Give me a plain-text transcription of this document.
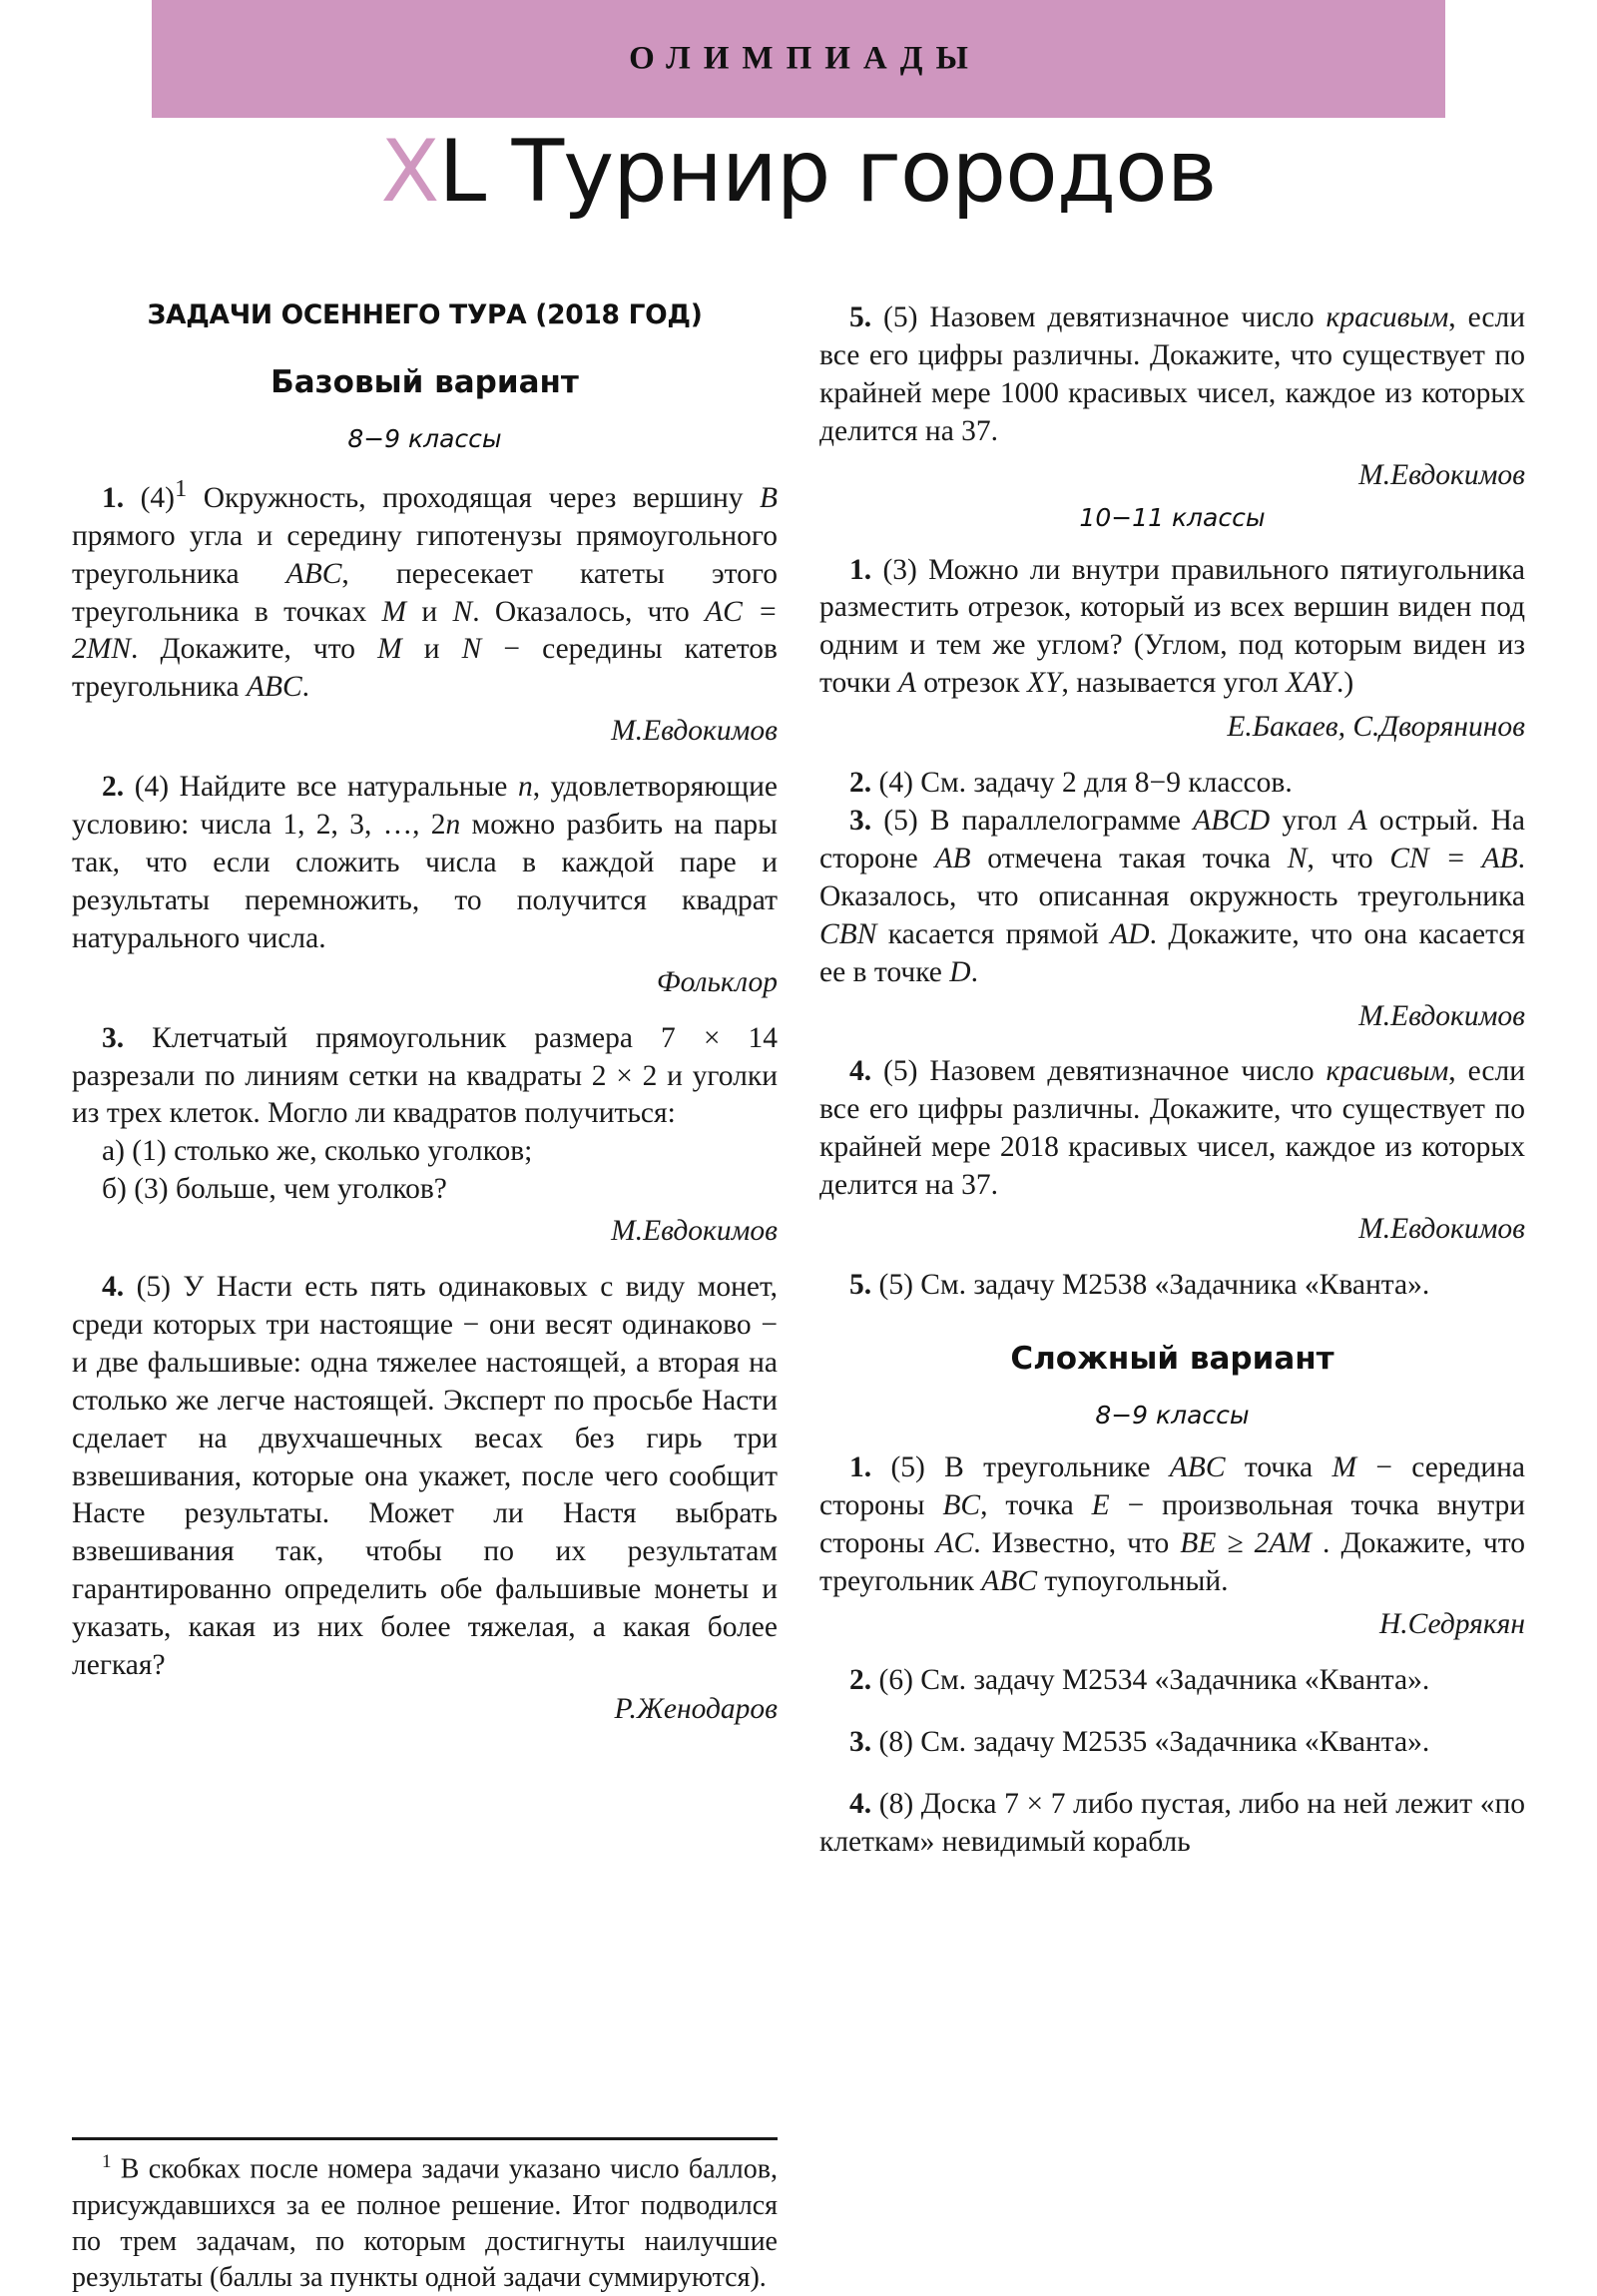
ОЛИМПИАДЫ
XL Турнир городов
ЗАДАЧИ ОСЕННЕГО ТУРА (2018 ГОД)
Базовый вариант
8−9 классы

1. $(4)^1$ Окружность, проходящая через вершину B прямого угла и середину гипотенузы прямоугольного треугольника ABC, пересекает катеты этого треугольника в точках M и N. Оказалось, что AC = 2MN. Докажите, что M и N − середины катетов треугольника ABC.

М.Евдокимов

2. (4) Найдите все натуральные n, удовлетворяющие условию: числа 1, 2, 3, …, 2n можно разбить на пары так, что если сложить числа в каждой паре и результаты перемножить, то получится квадрат натурального числа.

Фольклор

3. Клетчатый прямоугольник размера 7 × 14 разрезали по линиям сетки на квадраты 2 × 2 и уголки из трех клеток. Могло ли квадратов получиться:

а) (1) столько же, сколько уголков;

б) (3) больше, чем уголков?

М.Евдокимов

4. (5) У Насти есть пять одинаковых с виду монет, среди которых три настоящие − они весят одинаково − и две фальшивые: одна тяжелее настоящей, а вторая на столько же легче настоящей. Эксперт по просьбе Насти сделает на двухчашечных весах без гирь три взвешивания, которые она укажет, после чего сообщит Насте результаты. Может ли Настя выбрать взвешивания так, чтобы по их результатам гарантированно определить обе фальшивые монеты и указать, какая из них более тяжелая, а какая более легкая?

Р.Женодаров

$^1$ В скобках после номера задачи указано число баллов, присуждавшихся за ее полное решение. Итог подводился по трем задачам, по которым достигнуты наилучшие результаты (баллы за пункты одной задачи суммируются).

5. (5) Назовем девятизначное число красивым, если все его цифры различны. Докажите, что существует по крайней мере 1000 красивых чисел, каждое из которых делится на 37.

М.Евдокимов

10−11 классы

1. (3) Можно ли внутри правильного пятиугольника разместить отрезок, который из всех вершин виден под одним и тем же углом? (Углом, под которым виден из точки A отрезок XY, называется угол XAY.)

Е.Бакаев, С.Дворянинов

2. (4) См. задачу 2 для 8−9 классов.

3. (5) В параллелограмме ABCD угол A острый. На стороне AB отмечена такая точка N, что CN = AB. Оказалось, что описанная окружность треугольника CBN касается прямой AD. Докажите, что она касается ее в точке D.

М.Евдокимов

4. (5) Назовем девятизначное число красивым, если все его цифры различны. Докажите, что существует по крайней мере 2018 красивых чисел, каждое из которых делится на 37.

М.Евдокимов

5. (5) См. задачу М2538 «Задачника «Кванта».

Сложный вариант
8−9 классы

1. (5) В треугольнике ABC точка M − середина стороны BC, точка E − произвольная точка внутри стороны AC. Известно, что BE ≥ 2AM . Докажите, что треугольник ABC тупоугольный.

Н.Седрякян

2. (6) См. задачу М2534 «Задачника «Кванта».

3. (8) См. задачу М2535 «Задачника «Кванта».

4. (8) Доска 7 × 7 либо пустая, либо на ней лежит «по клеткам» невидимый корабль
